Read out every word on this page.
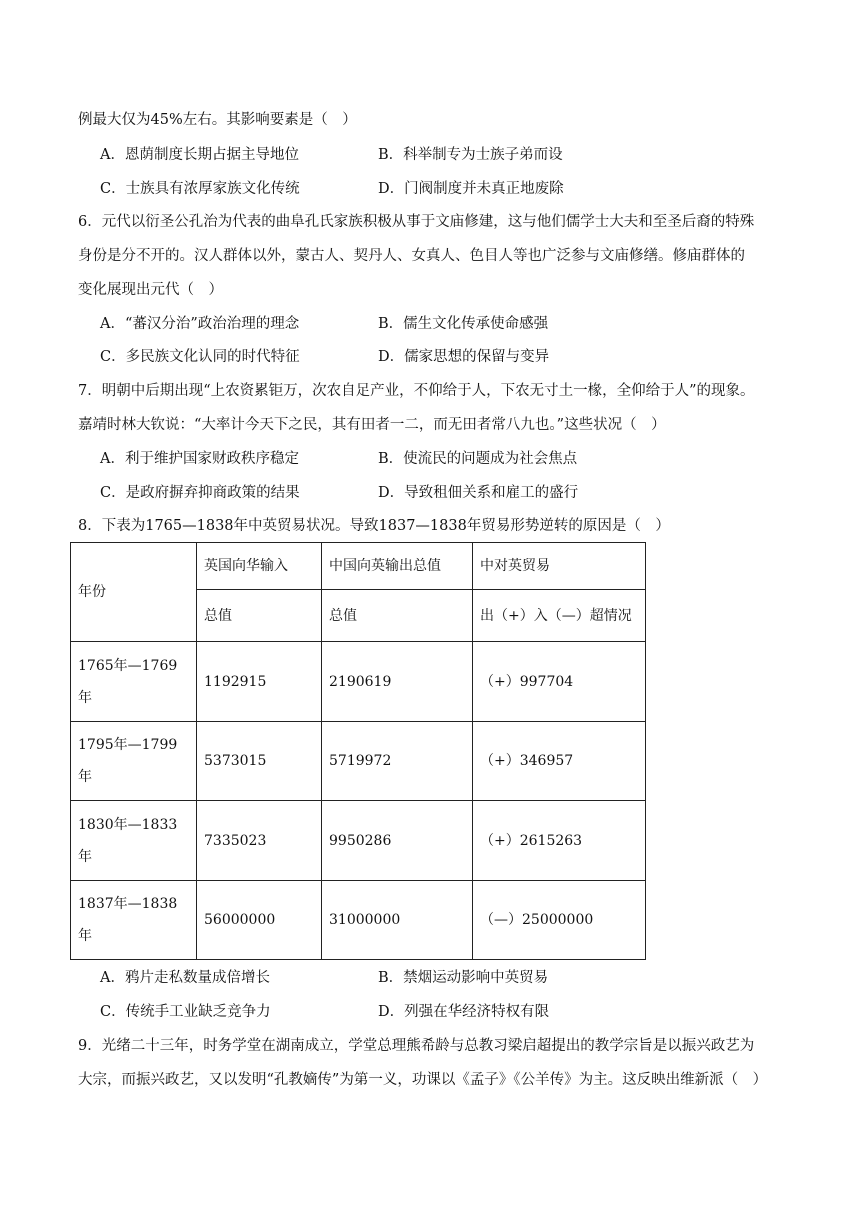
例最大仅为45%左右。其影响要素是（　）
A．恩荫制度长期占据主导地位	B．科举制专为士族子弟而设
C．士族具有浓厚家族文化传统	D．门阀制度并未真正地废除
6．元代以衍圣公孔治为代表的曲阜孔氏家族积极从事于文庙修建，这与他们儒学士大夫和至圣后裔的特殊
身份是分不开的。汉人群体以外，蒙古人、契丹人、女真人、色目人等也广泛参与文庙修缮。修庙群体的
变化展现出元代（　）
A．“蕃汉分治”政治治理的理念	B．儒生文化传承使命感强
C．多民族文化认同的时代特征	D．儒家思想的保留与变异
7．明朝中后期出现“上农资累钜万，次农自足产业，不仰给于人，下农无寸土一椽，全仰给于人”的现象。
嘉靖时林大钦说：“大率计今天下之民，其有田者一二，而无田者常八九也。”这些状况（　）
A．利于维护国家财政秩序稳定	B．使流民的问题成为社会焦点
C．是政府摒弃抑商政策的结果	D．导致租佃关系和雇工的盛行
8．下表为1765—1838年中英贸易状况。导致1837—1838年贸易形势逆转的原因是（　）
年份	英国向华输入	中国向英输出总值	中对英贸易
	总值	总值	出（+）入（—）超情况

1765年—1769
年	1192915	2190619	（+）997704

1795年—1799
年	5373015	5719972	（+）346957

1830年—1833
年	7335023	9950286	（+）2615263

1837年—1838
年	56000000	31000000	（—）25000000
A．鸦片走私数量成倍增长	B．禁烟运动影响中英贸易
C．传统手工业缺乏竞争力	D．列强在华经济特权有限
9．光绪二十三年，时务学堂在湖南成立，学堂总理熊希龄与总教习梁启超提出的教学宗旨是以振兴政艺为
大宗，而振兴政艺，又以发明“孔教嫡传”为第一义，功课以《孟子》《公羊传》为主。这反映出维新派（　）
